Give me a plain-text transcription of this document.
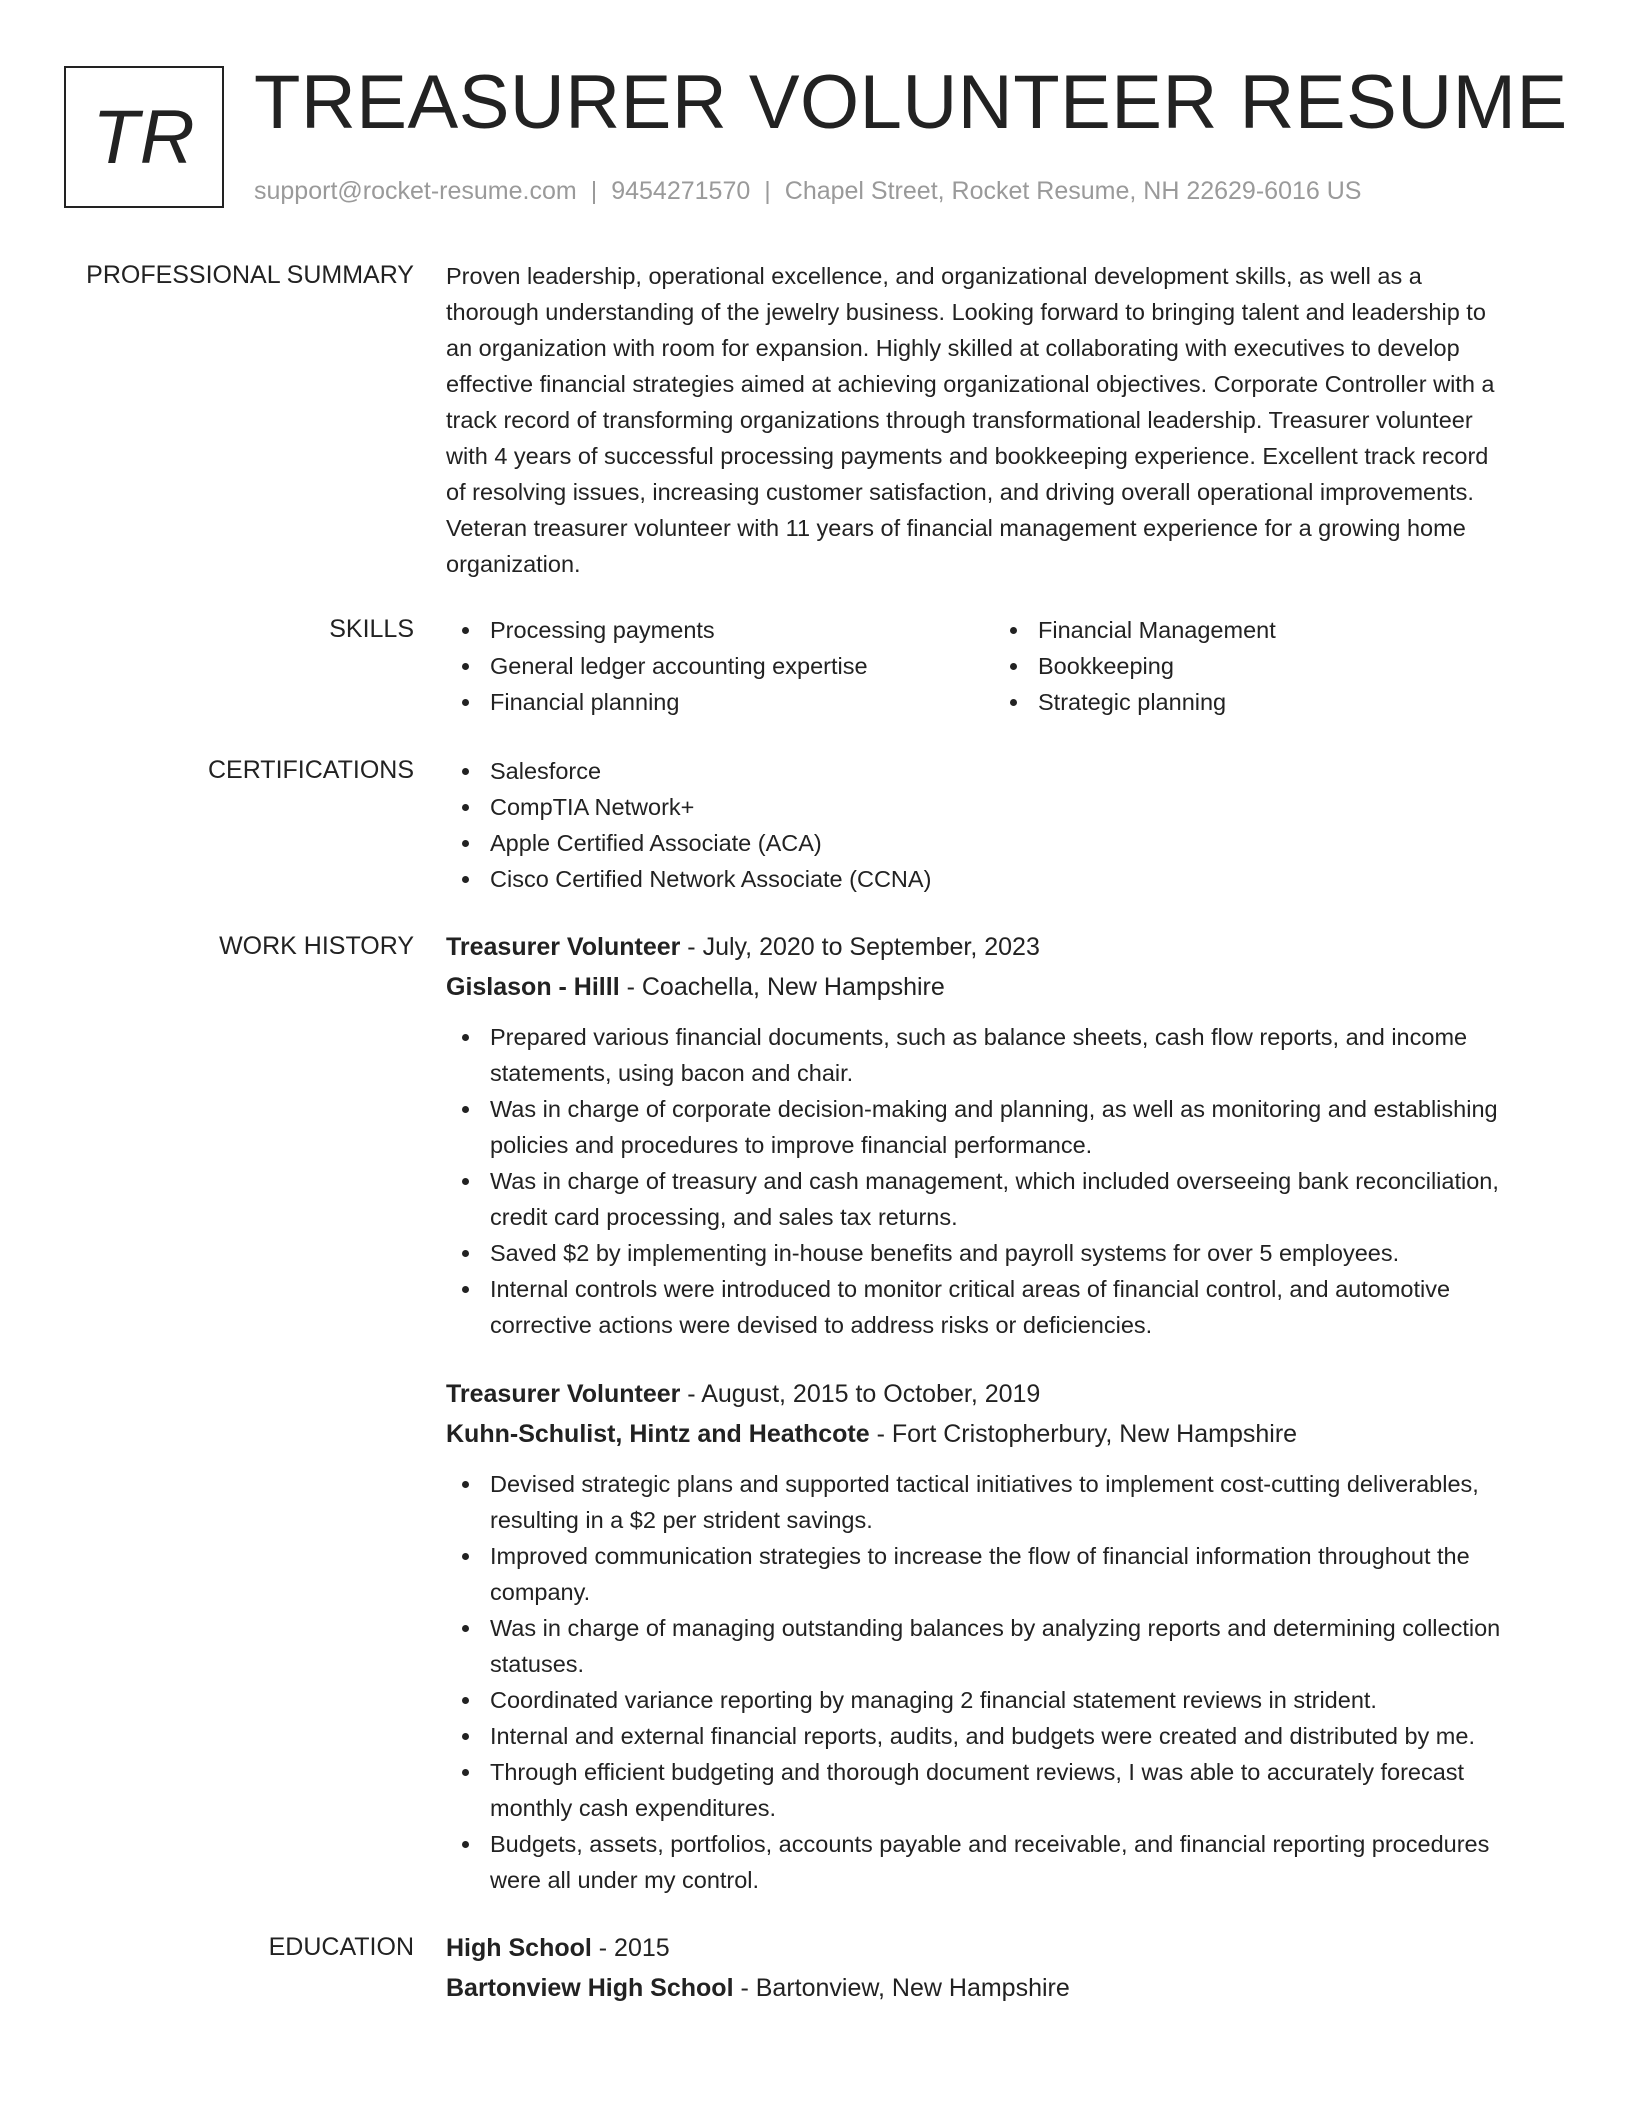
TR TREASURER VOLUNTEER RESUME
support@rocket-resume.com | 9454271570 | Chapel Street, Rocket Resume, NH 22629-6016 US
PROFESSIONAL SUMMARY Proven leadership, operational excellence, and organizational development skills, as well as a
thorough understanding of the jewelry business. Looking forward to bringing talent and leadership to
an organization with room for expansion. Highly skilled at collaborating with executives to develop
effective financial strategies aimed at achieving organizational objectives. Corporate Controller with a
track record of transforming organizations through transformational leadership. Treasurer volunteer
with 4 years of successful processing payments and bookkeeping experience. Excellent track record
of resolving issues, increasing customer satisfaction, and driving overall operational improvements.
Veteran treasurer volunteer with 11 years of financial management experience for a growing home
organization.
SKILLS	Processing payments
General ledger accounting expertise
Financial planning
Financial Management
Bookkeeping
Strategic planning
CERTIFICATIONS	Salesforce
CompTIA Network+
Apple Certified Associate (ACA)
Cisco Certified Network Associate (CCNA)
WORK HISTORY Treasurer Volunteer - July, 2020 to September, 2023
Gislason - Hilll - Coachella, New Hampshire
Prepared various financial documents, such as balance sheets, cash flow reports, and income
statements, using bacon and chair.
Was in charge of corporate decision-making and planning, as well as monitoring and establishing
policies and procedures to improve financial performance.
Was in charge of treasury and cash management, which included overseeing bank reconciliation,
credit card processing, and sales tax returns.
Saved $2 by implementing in-house benefits and payroll systems for over 5 employees.
Internal controls were introduced to monitor critical areas of financial control, and automotive
corrective actions were devised to address risks or deficiencies.
Treasurer Volunteer - August, 2015 to October, 2019
Kuhn-Schulist, Hintz and Heathcote - Fort Cristopherbury, New Hampshire
Devised strategic plans and supported tactical initiatives to implement cost-cutting deliverables,
resulting in a $2 per strident savings.
Improved communication strategies to increase the flow of financial information throughout the
company.
Was in charge of managing outstanding balances by analyzing reports and determining collection
statuses.
Coordinated variance reporting by managing 2 financial statement reviews in strident.
Internal and external financial reports, audits, and budgets were created and distributed by me.
Through efficient budgeting and thorough document reviews, I was able to accurately forecast
monthly cash expenditures.
Budgets, assets, portfolios, accounts payable and receivable, and financial reporting procedures
were all under my control.
EDUCATION High School - 2015
Bartonview High School - Bartonview, New Hampshire
